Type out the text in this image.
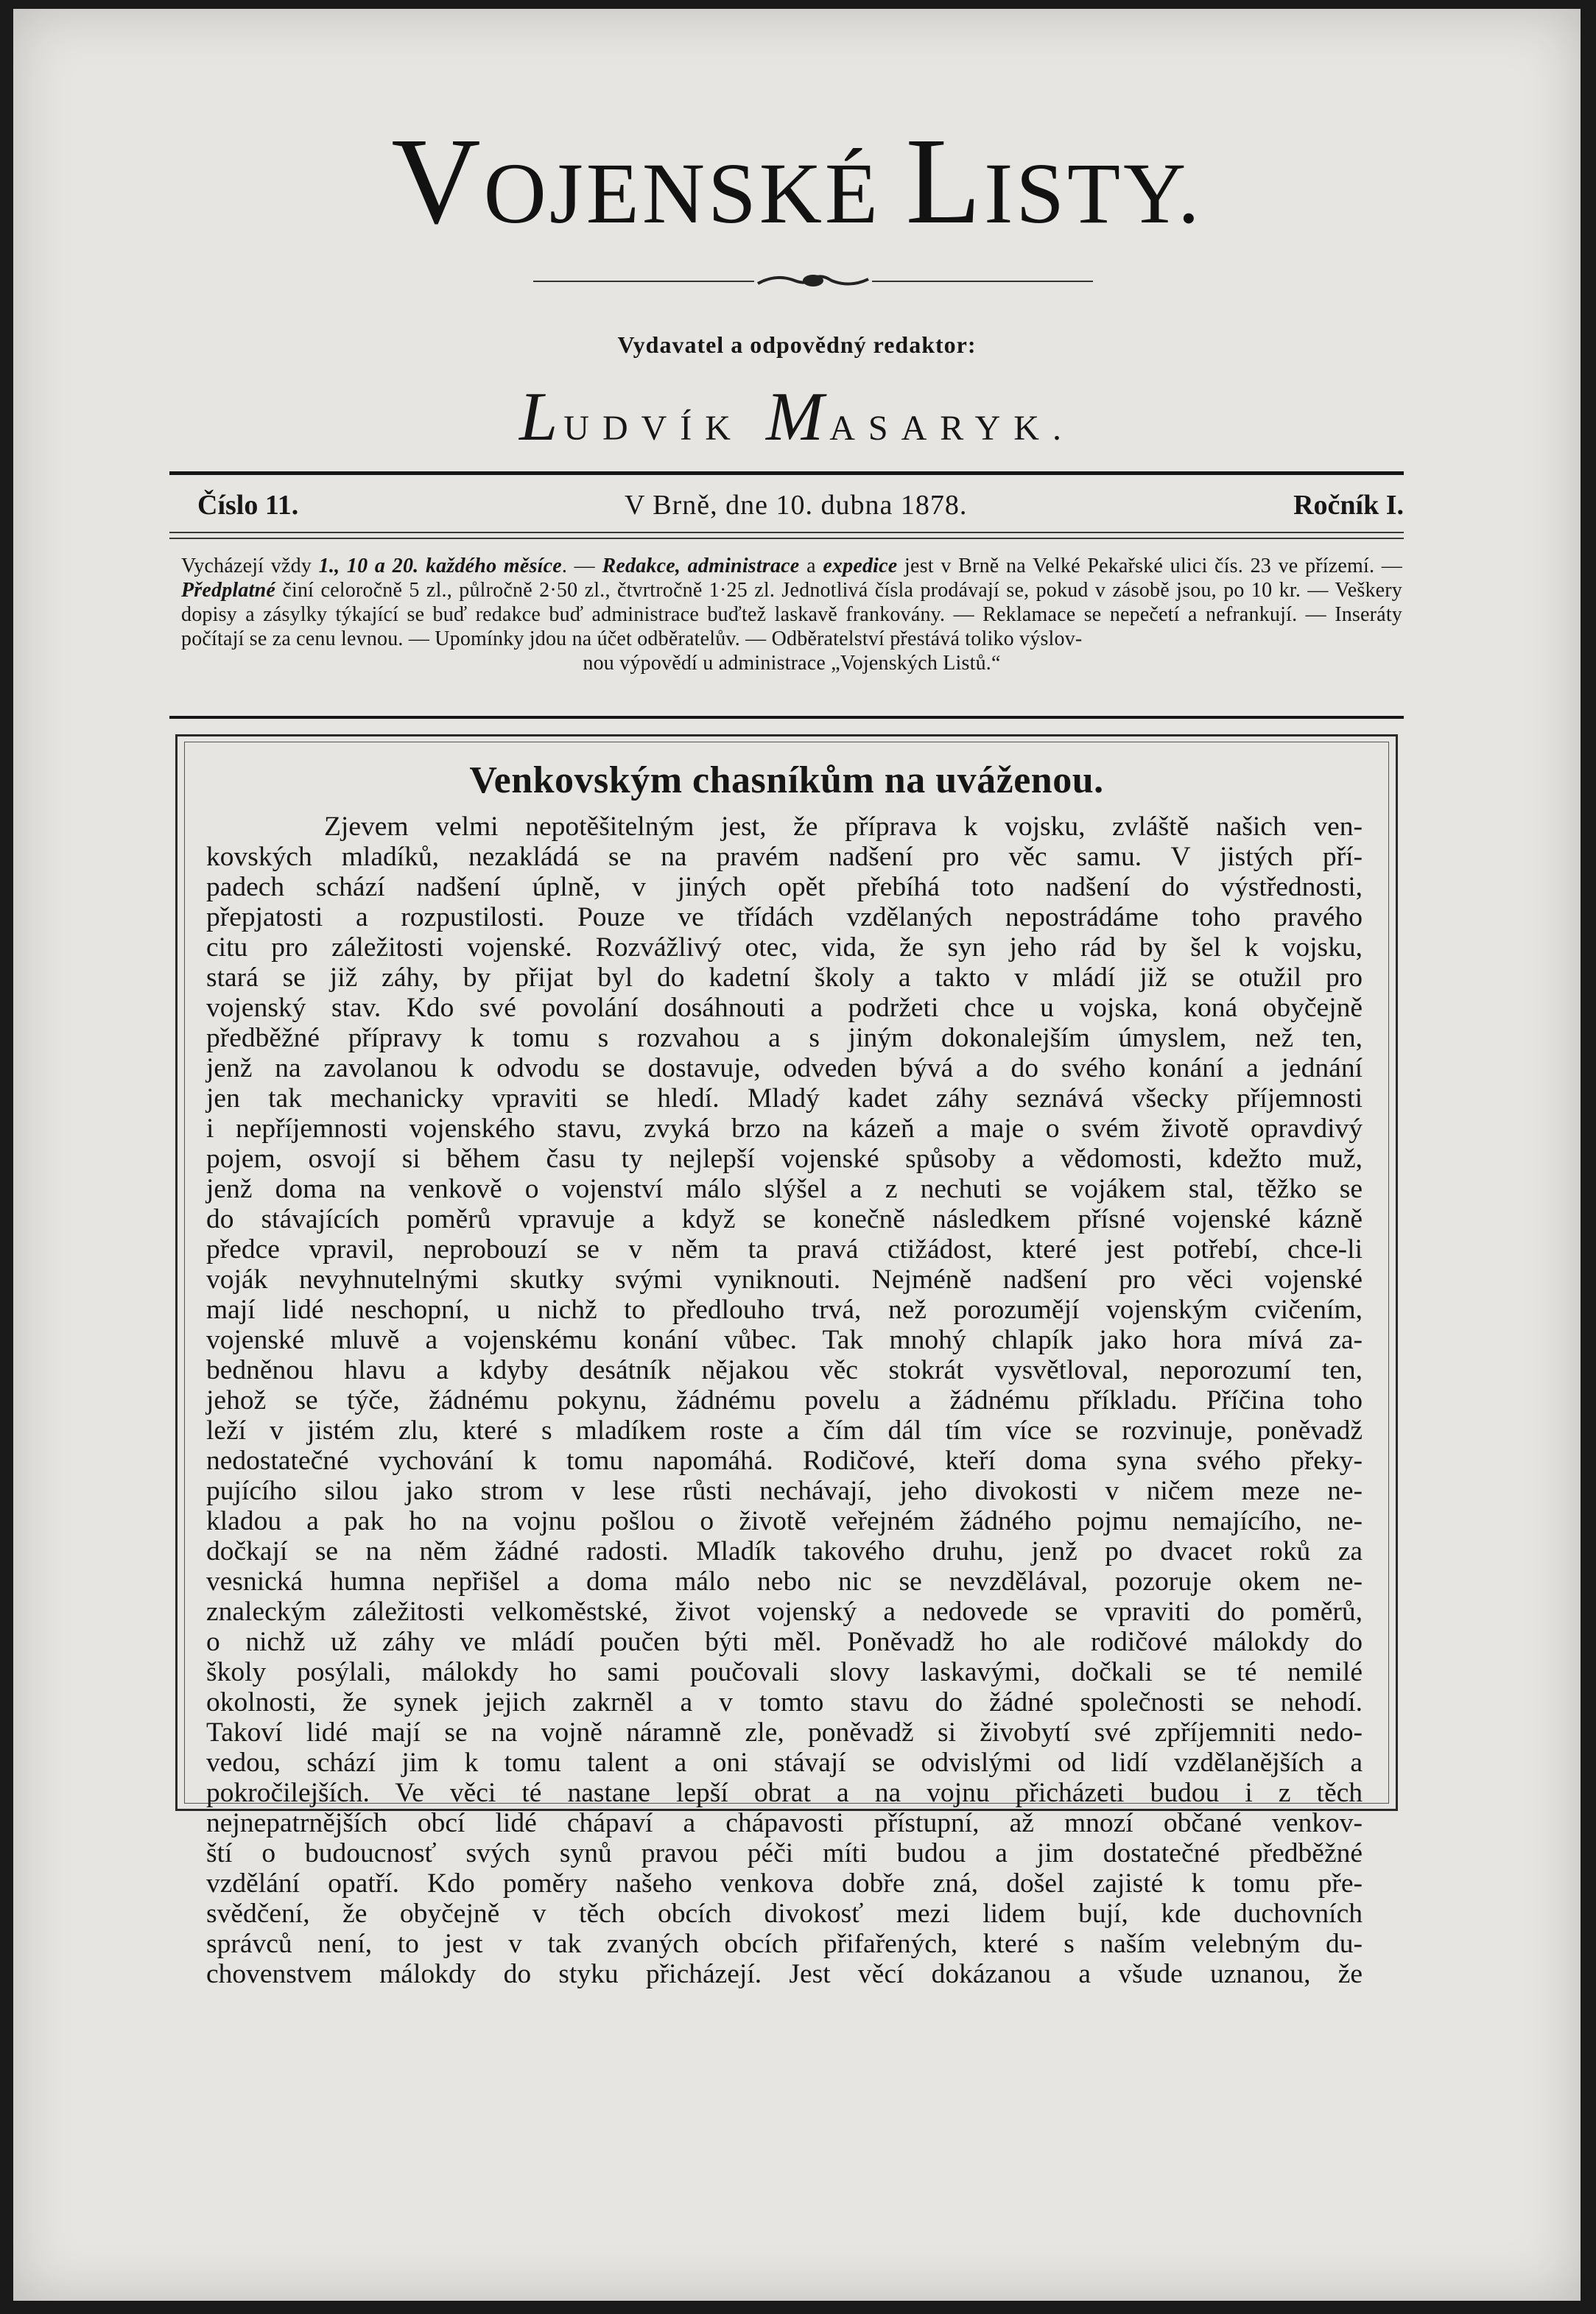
VOJENSKÉ LISTY.
Vydavatel a odpovědný redaktor:
LUDVÍK MASARYK.
Číslo 11.	V Brně, dne 10. dubna 1878.	Ročník I.

Vycházejí vždy 1., 10 a 20. každého měsíce. — Redakce, administrace a expedice jest v Brně na Velké Pekařské ulici čís. 23 ve přízemí. — Předplatné činí celoročně 5 zl., půlročně 2·50 zl., čtvrtročně 1·25 zl. Jednotlivá čísla prodávají se, pokud v zásobě jsou, po 10 kr. — Veškery dopisy a zásylky týkající se buď redakce buď administrace buďtež laskavě frankovány. — Reklamace se nepečetí a nefrankují. — Inseráty počítají se za cenu levnou. — Upomínky jdou na účet odběratelův. — Odběratelství přestává toliko výslov-

nou výpovědí u administrace „Vojenských Listů.“

Venkovským chasníkům na uváženou.
Zjevem velmi nepotěšitelným jest, že příprava k vojsku, zvláště našich ven-
kovských mladíků, nezakládá se na pravém nadšení pro věc samu. V jistých pří-
padech schází nadšení úplně, v jiných opět přebíhá toto nadšení do výstřednosti,
přepjatosti a rozpustilosti. Pouze ve třídách vzdělaných nepostrádáme toho pravého
citu pro záležitosti vojenské. Rozvážlivý otec, vida, že syn jeho rád by šel k vojsku,
stará se již záhy, by přijat byl do kadetní školy a takto v mládí již se otužil pro
vojenský stav. Kdo své povolání dosáhnouti a podržeti chce u vojska, koná obyčejně
předběžné přípravy k tomu s rozvahou a s jiným dokonalejším úmyslem, než ten,
jenž na zavolanou k odvodu se dostavuje, odveden bývá a do svého konání a jednání
jen tak mechanicky vpraviti se hledí. Mladý kadet záhy seznává všecky příjemnosti
i nepříjemnosti vojenského stavu, zvyká brzo na kázeň a maje o svém životě opravdivý
pojem, osvojí si během času ty nejlepší vojenské spůsoby a vědomosti, kdežto muž,
jenž doma na venkově o vojenství málo slýšel a z nechuti se vojákem stal, těžko se
do stávajících poměrů vpravuje a když se konečně následkem přísné vojenské kázně
předce vpravil, neprobouzí se v něm ta pravá ctižádost, které jest potřebí, chce-li
voják nevyhnutelnými skutky svými vyniknouti. Nejméně nadšení pro věci vojenské
mají lidé neschopní, u nichž to předlouho trvá, než porozumějí vojenským cvičením,
vojenské mluvě a vojenskému konání vůbec. Tak mnohý chlapík jako hora mívá za-
bedněnou hlavu a kdyby desátník nějakou věc stokrát vysvětloval, neporozumí ten,
jehož se týče, žádnému pokynu, žádnému povelu a žádnému příkladu. Příčina toho
leží v jistém zlu, které s mladíkem roste a čím dál tím více se rozvinuje, poněvadž
nedostatečné vychování k tomu napomáhá. Rodičové, kteří doma syna svého překy-
pujícího silou jako strom v lese růsti nechávají, jeho divokosti v ničem meze ne-
kladou a pak ho na vojnu pošlou o životě veřejném žádného pojmu nemajícího, ne-
dočkají se na něm žádné radosti. Mladík takového druhu, jenž po dvacet roků za
vesnická humna nepřišel a doma málo nebo nic se nevzdělával, pozoruje okem ne-
znaleckým záležitosti velkoměstské, život vojenský a nedovede se vpraviti do poměrů,
o nichž už záhy ve mládí poučen býti měl. Poněvadž ho ale rodičové málokdy do
školy posýlali, málokdy ho sami poučovali slovy laskavými, dočkali se té nemilé
okolnosti, že synek jejich zakrněl a v tomto stavu do žádné společnosti se nehodí.
Takoví lidé mají se na vojně náramně zle, poněvadž si živobytí své zpříjemniti nedo-
vedou, schází jim k tomu talent a oni stávají se odvislými od lidí vzdělanějších a
pokročilejších. Ve věci té nastane lepší obrat a na vojnu přicházeti budou i z těch
nejnepatrnějších obcí lidé chápaví a chápavosti přístupní, až mnozí občané venkov-
ští o budoucnosť svých synů pravou péči míti budou a jim dostatečné předběžné
vzdělání opatří. Kdo poměry našeho venkova dobře zná, došel zajisté k tomu pře-
svědčení, že obyčejně v těch obcích divokosť mezi lidem bují, kde duchovních
správců není, to jest v tak zvaných obcích přifařených, které s naším velebným du-
chovenstvem málokdy do styku přicházejí. Jest věcí dokázanou a všude uznanou, že
